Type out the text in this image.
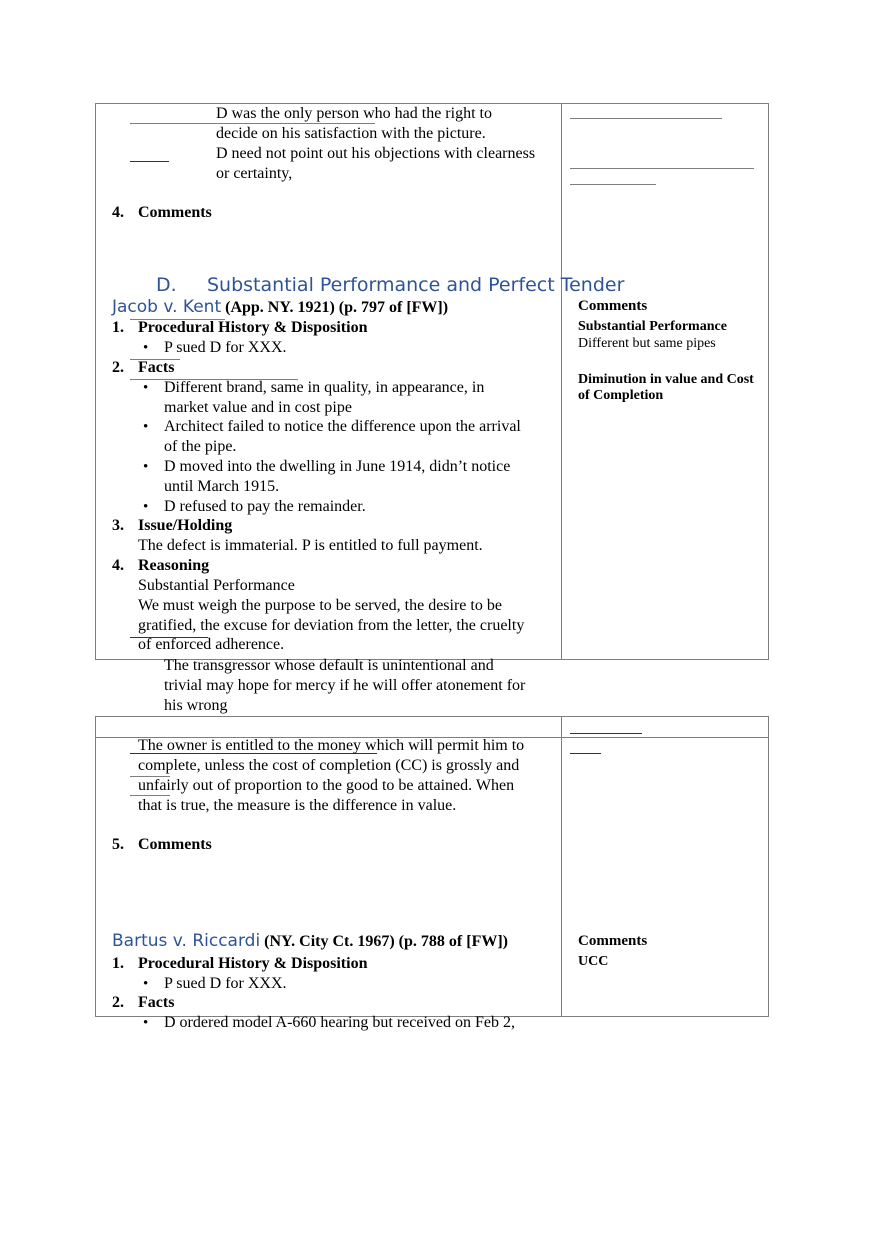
D was the only person who had the right to
decide on his satisfaction with the picture.
D need not point out his objections with clearness
or certainty,
4. Comments
D. Substantial Performance and Perfect Tender
Jacob v. Kent (App. NY. 1921) (p. 797 of [FW])
1. Procedural History & Disposition
• P sued D for XXX.
2. Facts
• Different brand, same in quality, in appearance, in
market value and in cost pipe
• Architect failed to notice the difference upon the arrival
of the pipe.
• D moved into the dwelling in June 1914, didn’t notice
until March 1915.
• D refused to pay the remainder.
3. Issue/Holding
The defect is immaterial. P is entitled to full payment.
4. Reasoning
Substantial Performance
We must weigh the purpose to be served, the desire to be
gratified, the excuse for deviation from the letter, the cruelty
of enforced adherence.
Comments
Substantial Performance
Different but same pipes
Diminution in value and Cost
of Completion
The transgressor whose default is unintentional and
trivial may hope for mercy if he will offer atonement for
his wrong
The owner is entitled to the money which will permit him to
complete, unless the cost of completion (CC) is grossly and
unfairly out of proportion to the good to be attained. When
that is true, the measure is the difference in value.
5. Comments
Bartus v. Riccardi (NY. City Ct. 1967) (p. 788 of [FW])
1. Procedural History & Disposition
• P sued D for XXX.
2. Facts
• D ordered model A-660 hearing but received on Feb 2,
Comments
UCC
